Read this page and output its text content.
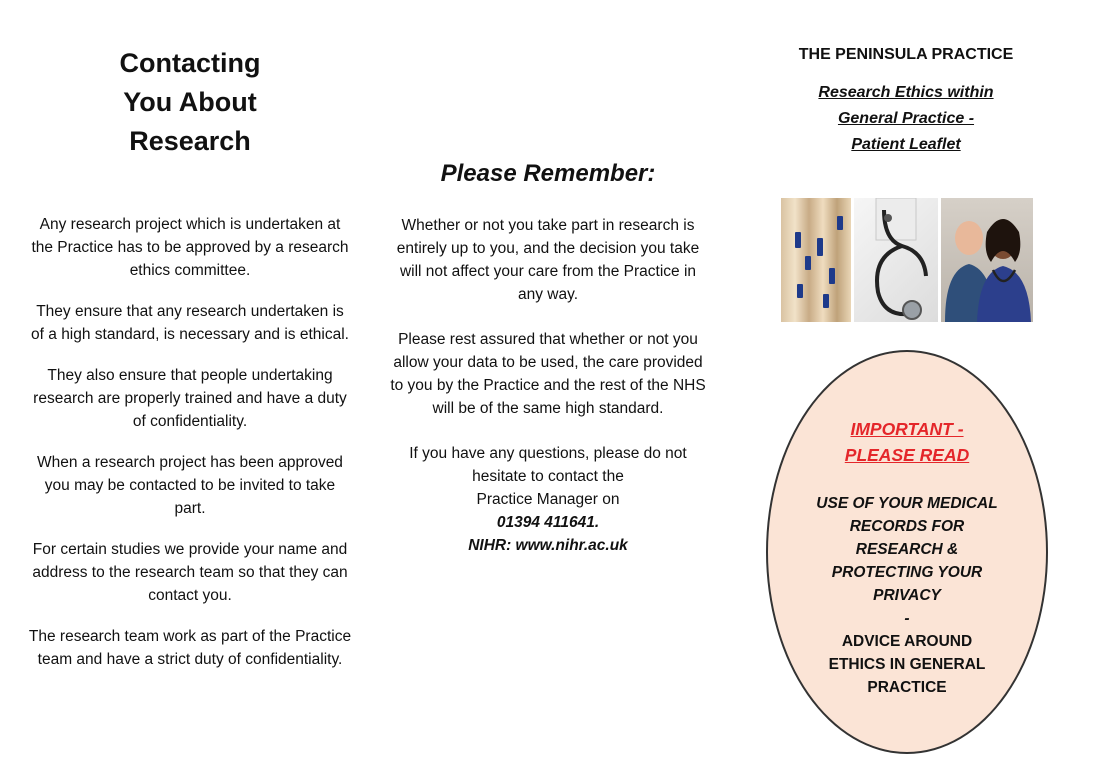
Contacting
You About
Research

Any research project which is undertaken at the Practice has to be approved by a research ethics committee.

They ensure that any research undertaken is of a high standard, is necessary and is ethical.

They also ensure that people undertaking research are properly trained and have a duty of confidentiality.

When a research project has been approved you may be contacted to be invited to take part.

For certain studies we provide your name and address to the research team so that they can contact you.

The research team work as part of the Practice team and have a strict duty of confidentiality.

Please Remember:

Whether or not you take part in research is entirely up to you, and the decision you take will not affect your care from the Practice in any way.

Please rest assured that whether or not you allow your data to be used, the care provided to you by the Practice and the rest of the NHS will be of the same high standard.

If you have any questions, please do not
hesitate to contact the
Practice Manager on
01394 411641.
NIHR: www.nihr.ac.uk

THE PENINSULA PRACTICE
Research Ethics within
General Practice -
Patient Leaflet
IMPORTANT -
PLEASE READ
USE OF YOUR MEDICAL
RECORDS FOR
RESEARCH &
PROTECTING YOUR
PRIVACY
-
ADVICE AROUND
ETHICS IN GENERAL
PRACTICE
